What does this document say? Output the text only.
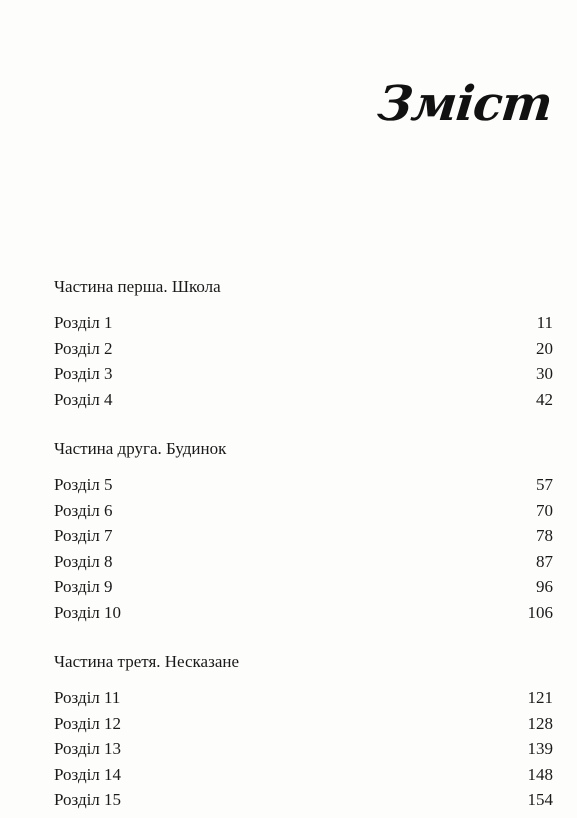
Зміст
Частина перша. Школа
Розділ 1	11
Розділ 2	20
Розділ 3	30
Розділ 4	42
Частина друга. Будинок
Розділ 5	57
Розділ 6	70
Розділ 7	78
Розділ 8	87
Розділ 9	96
Розділ 10	106
Частина третя. Несказане
Розділ 11	121
Розділ 12	128
Розділ 13	139
Розділ 14	148
Розділ 15	154
